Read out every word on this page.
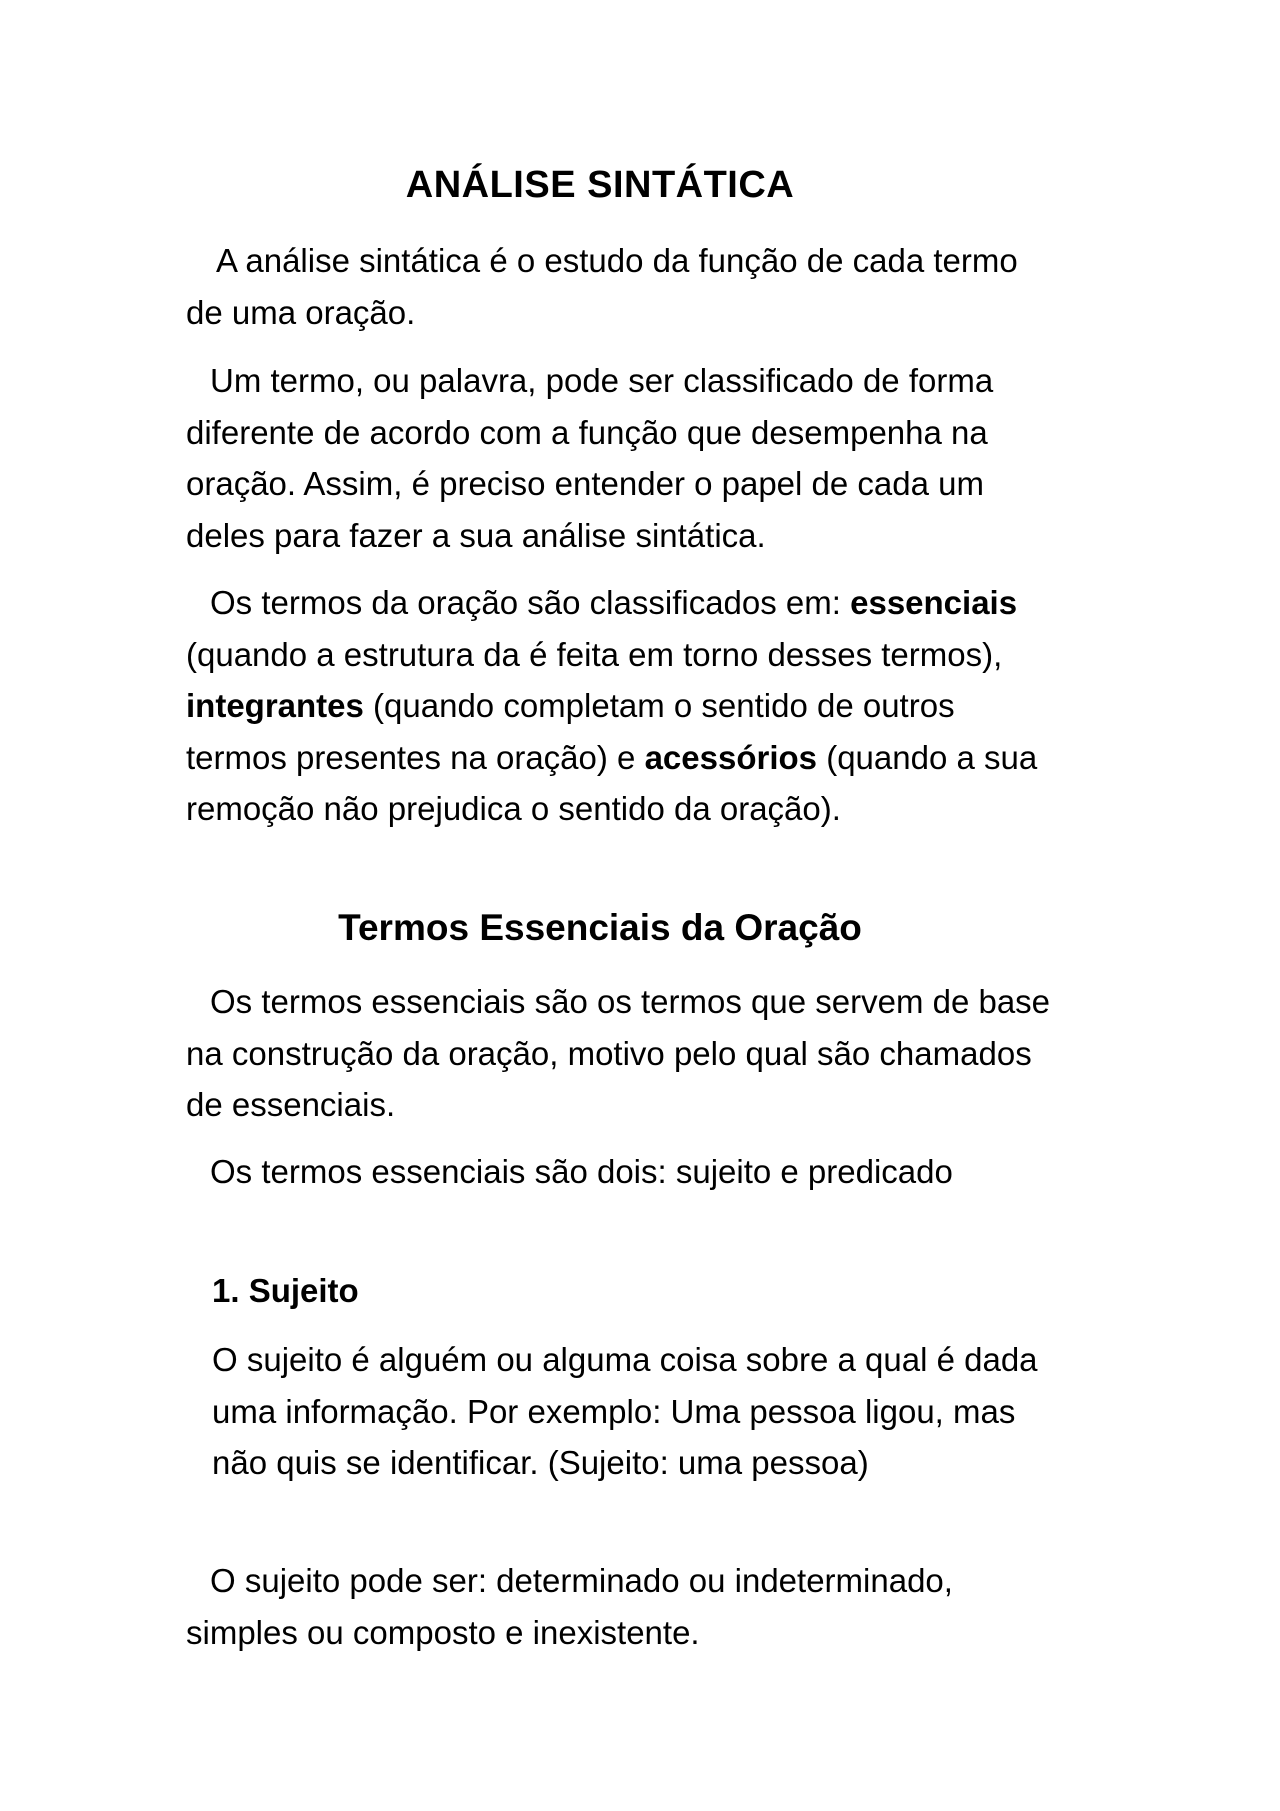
ANÁLISE SINTÁTICA

A análise sintática é o estudo da função de cada termo
de uma oração.

Um termo, ou palavra, pode ser classificado de forma
diferente de acordo com a função que desempenha na
oração. Assim, é preciso entender o papel de cada um
deles para fazer a sua análise sintática.

Os termos da oração são classificados em: essenciais
(quando a estrutura da é feita em torno desses termos),
integrantes (quando completam o sentido de outros
termos presentes na oração) e acessórios (quando a sua
remoção não prejudica o sentido da oração).

Termos Essenciais da Oração

Os termos essenciais são os termos que servem de base
na construção da oração, motivo pelo qual são chamados
de essenciais.

Os termos essenciais são dois: sujeito e predicado

1. Sujeito
O sujeito é alguém ou alguma coisa sobre a qual é dada
uma informação. Por exemplo: Uma pessoa ligou, mas
não quis se identificar. (Sujeito: uma pessoa)

O sujeito pode ser: determinado ou indeterminado,
simples ou composto e inexistente.
